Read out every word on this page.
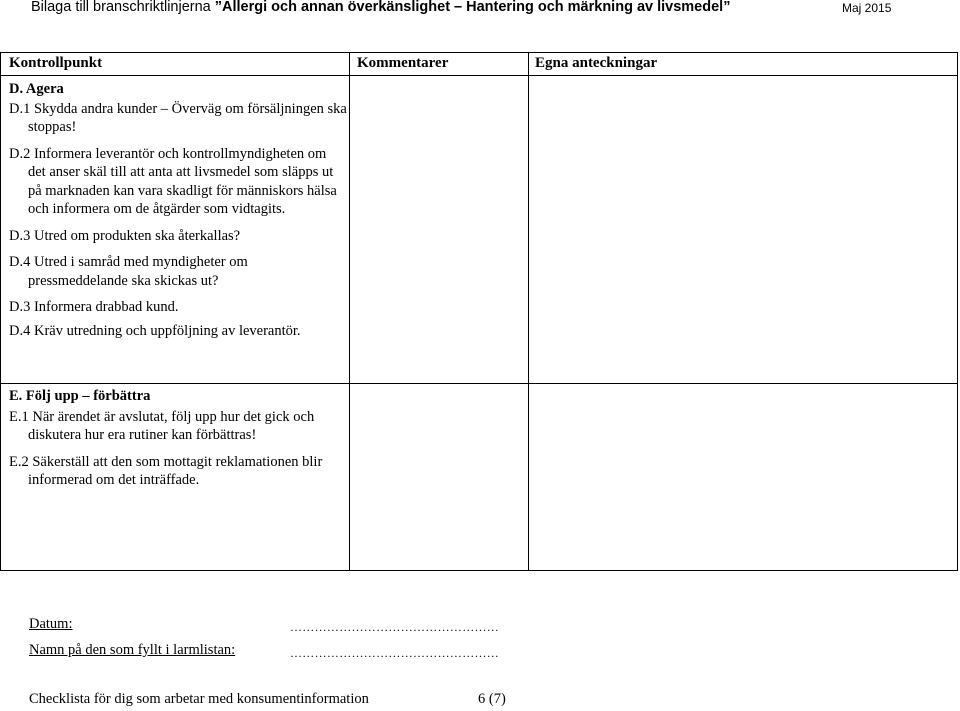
Bilaga till branschriktlinjerna ”Allergi och annan överkänslighet – Hantering och märkning av livsmedel”	Maj 2015
Kontrollpunkt	Kommentarer	Egna anteckningar

D. Agera

D.1 Skydda andra kunder – Överväg om försäljningen ska stoppas!

D.2 Informera leverantör och kontrollmyndigheten om det anser skäl till att anta att livsmedel som släpps ut på marknaden kan vara skadligt för människors hälsa och informera om de åtgärder som vidtagits.

D.3 Utred om produkten ska återkallas?

D.4 Utred i samråd med myndigheter om pressmeddelande ska skickas ut?

D.3 Informera drabbad kund.

D.4 Kräv utredning och uppföljning av leverantör.

E. Följ upp – förbättra

E.1 När ärendet är avslutat, följ upp hur det gick och diskutera hur era rutiner kan förbättras!

E.2 Säkerställ att den som mottagit reklamationen blir informerad om det inträffade.

Datum:	……………………………………………
Namn på den som fyllt i larmlistan:	……………………………………………
Checklista för dig som arbetar med konsumentinformation	6 (7)
